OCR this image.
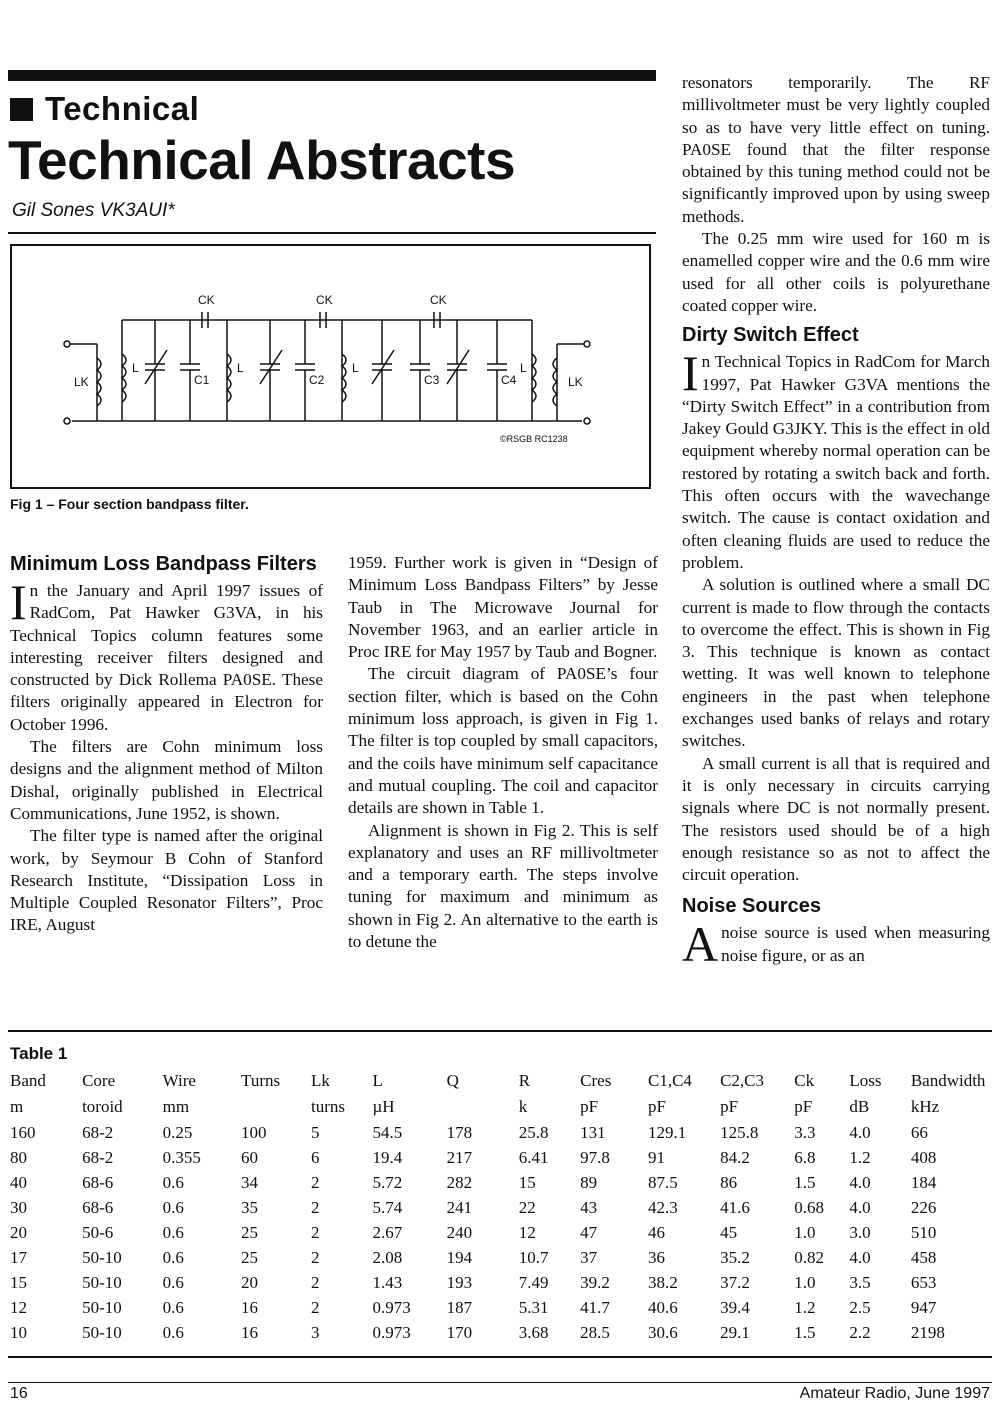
Technical
Technical Abstracts
Gil Sones VK3AUI*
CK	CK	CK
LK	LK
L	L	L	L
C1	C2	C3	C4
©RSGB RC1238
Fig 1 – Four section bandpass filter.
Minimum Loss Bandpass Filters

In the January and April 1997 issues of RadCom, Pat Hawker G3VA, in his Technical Topics column features some interesting receiver filters designed and constructed by Dick Rollema PA0SE. These filters originally appeared in Electron for October 1996.

The filters are Cohn minimum loss designs and the alignment method of Milton Dishal, originally published in Electrical Communications, June 1952, is shown.

The filter type is named after the original work, by Seymour B Cohn of Stanford Research Institute, “Dissipation Loss in Multiple Coupled Resonator Filters”, Proc IRE, August

1959. Further work is given in “Design of Minimum Loss Bandpass Filters” by Jesse Taub in The Microwave Journal for November 1963, and an earlier article in Proc IRE for May 1957 by Taub and Bogner.

The circuit diagram of PA0SE’s four section filter, which is based on the Cohn minimum loss approach, is given in Fig 1. The filter is top coupled by small capacitors, and the coils have minimum self capacitance and mutual coupling. The coil and capacitor details are shown in Table 1.

Alignment is shown in Fig 2. This is self explanatory and uses an RF millivoltmeter and a temporary earth. The steps involve tuning for maximum and minimum as shown in Fig 2. An alternative to the earth is to detune the

resonators temporarily. The RF millivoltmeter must be very lightly coupled so as to have very little effect on tuning. PA0SE found that the filter response obtained by this tuning method could not be significantly improved upon by using sweep methods.

The 0.25 mm wire used for 160 m is enamelled copper wire and the 0.6 mm wire used for all other coils is polyurethane coated copper wire.

Dirty Switch Effect

In Technical Topics in RadCom for March 1997, Pat Hawker G3VA mentions the “Dirty Switch Effect” in a contribution from Jakey Gould G3JKY. This is the effect in old equipment whereby normal operation can be restored by rotating a switch back and forth. This often occurs with the wavechange switch. The cause is contact oxidation and often cleaning fluids are used to reduce the problem.

A solution is outlined where a small DC current is made to flow through the contacts to overcome the effect. This is shown in Fig 3. This technique is known as contact wetting. It was well known to telephone engineers in the past when telephone exchanges used banks of relays and rotary switches.

A small current is all that is required and it is only necessary in circuits carrying signals where DC is not normally present. The resistors used should be of a high enough resistance so as not to affect the circuit operation.

Noise Sources

Anoise source is used when measuring noise figure, or as an

Table 1
Band	Core	Wire	Turns	Lk	L	Q	R	Cres	C1,C4	C2,C3	Ck	Loss	Bandwidth
m	toroid	mm		turns	µH		k	pF	pF	pF	pF	dB	kHz
160	68-2	0.25	100	5	54.5	178	25.8	131	129.1	125.8	3.3	4.0	66
80	68-2	0.355	60	6	19.4	217	6.41	97.8	91	84.2	6.8	1.2	408
40	68-6	0.6	34	2	5.72	282	15	89	87.5	86	1.5	4.0	184
30	68-6	0.6	35	2	5.74	241	22	43	42.3	41.6	0.68	4.0	226
20	50-6	0.6	25	2	2.67	240	12	47	46	45	1.0	3.0	510
17	50-10	0.6	25	2	2.08	194	10.7	37	36	35.2	0.82	4.0	458
15	50-10	0.6	20	2	1.43	193	7.49	39.2	38.2	37.2	1.0	3.5	653
12	50-10	0.6	16	2	0.973	187	5.31	41.7	40.6	39.4	1.2	2.5	947
10	50-10	0.6	16	3	0.973	170	3.68	28.5	30.6	29.1	1.5	2.2	2198
16	Amateur Radio, June 1997
